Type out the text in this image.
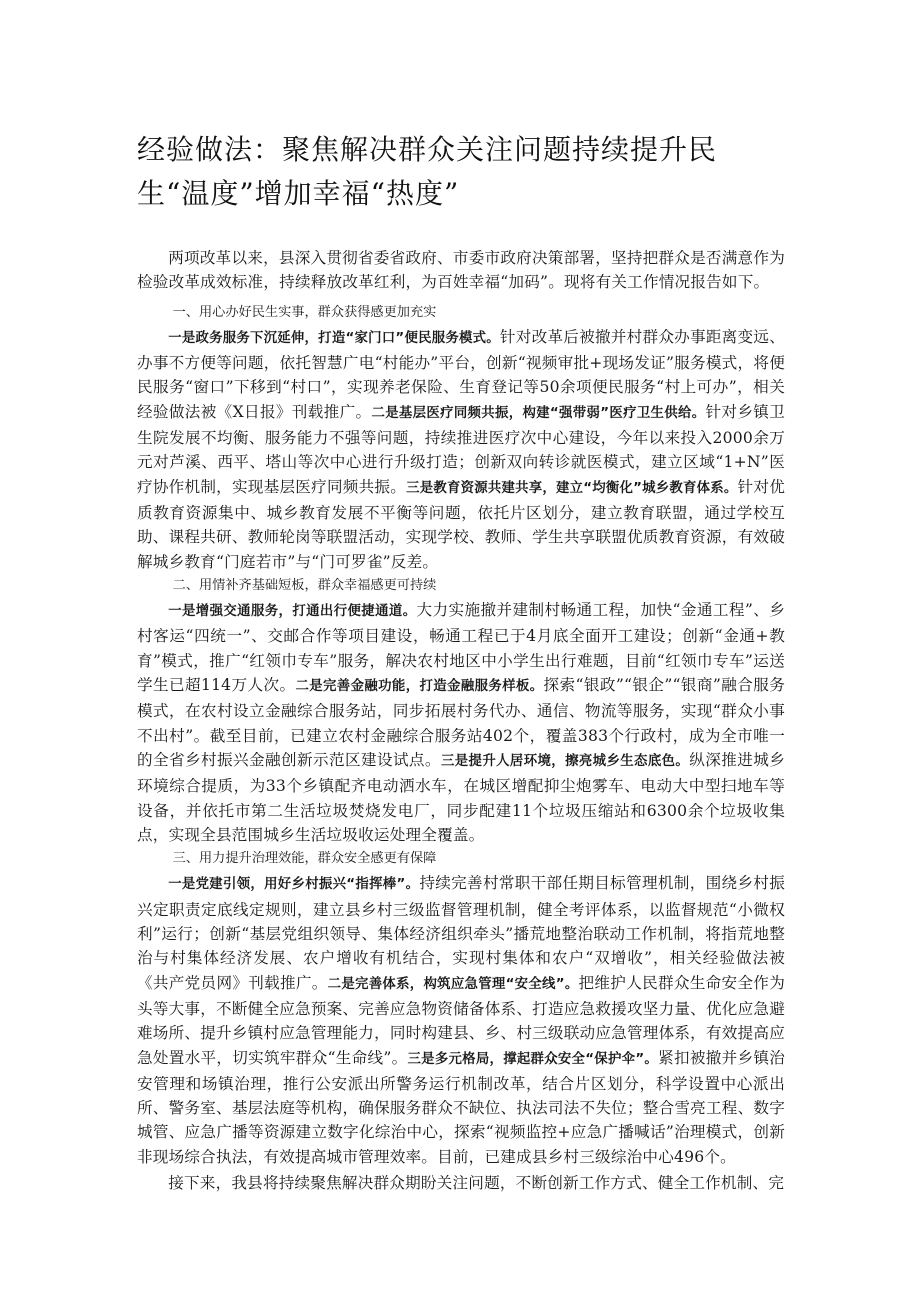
经验做法：聚焦解决群众关注问题持续提升民生“温度”增加幸福“热度”

两项改革以来，县深入贯彻省委省政府、市委市政府决策部署，坚持把群众是否满意作为检验改革成效标准，持续释放改革红利，为百姓幸福“加码”。现将有关工作情况报告如下。

一、用心办好民生实事，群众获得感更加充实

一是政务服务下沉延伸，打造“家门口”便民服务模式。针对改革后被撤并村群众办事距离变远、办事不方便等问题，依托智慧广电“村能办”平台，创新“视频审批+现场发证”服务模式，将便民服务“窗口”下移到“村口”，实现养老保险、生育登记等50余项便民服务“村上可办”，相关经验做法被《X日报》刊载推广。二是基层医疗同频共振，构建“强带弱”医疗卫生供给。针对乡镇卫生院发展不均衡、服务能力不强等问题，持续推进医疗次中心建设，今年以来投入2000余万元对芦溪、西平、塔山等次中心进行升级打造；创新双向转诊就医模式，建立区域“1+N”医疗协作机制，实现基层医疗同频共振。三是教育资源共建共享，建立“均衡化”城乡教育体系。针对优质教育资源集中、城乡教育发展不平衡等问题，依托片区划分，建立教育联盟，通过学校互助、课程共研、教师轮岗等联盟活动，实现学校、教师、学生共享联盟优质教育资源，有效破解城乡教育“门庭若市”与“门可罗雀”反差。

二、用情补齐基础短板，群众幸福感更可持续

一是增强交通服务，打通出行便捷通道。大力实施撤并建制村畅通工程，加快“金通工程”、乡村客运“四统一”、交邮合作等项目建设，畅通工程已于4月底全面开工建设；创新“金通+教育”模式，推广“红领巾专车”服务，解决农村地区中小学生出行难题，目前“红领巾专车”运送学生已超114万人次。二是完善金融功能，打造金融服务样板。探索“银政”“银企”“银商”融合服务模式，在农村设立金融综合服务站，同步拓展村务代办、通信、物流等服务，实现“群众小事不出村”。截至目前，已建立农村金融综合服务站402个，覆盖383个行政村，成为全市唯一的全省乡村振兴金融创新示范区建设试点。三是提升人居环境，擦亮城乡生态底色。纵深推进城乡环境综合提质，为33个乡镇配齐电动洒水车，在城区增配抑尘炮雾车、电动大中型扫地车等设备，并依托市第二生活垃圾焚烧发电厂，同步配建11个垃圾压缩站和6300余个垃圾收集点，实现全县范围城乡生活垃圾收运处理全覆盖。

三、用力提升治理效能，群众安全感更有保障

一是党建引领，用好乡村振兴“指挥棒”。持续完善村常职干部任期目标管理机制，围绕乡村振兴定职责定底线定规则，建立县乡村三级监督管理机制，健全考评体系，以监督规范“小微权利”运行；创新“基层党组织领导、集体经济组织牵头”播荒地整治联动工作机制，将指荒地整治与村集体经济发展、农户增收有机结合，实现村集体和农户“双增收”，相关经验做法被《共产党员网》刊载推广。二是完善体系，构筑应急管理“安全线”。把维护人民群众生命安全作为头等大事，不断健全应急预案、完善应急物资储备体系、打造应急救援攻坚力量、优化应急避难场所、提升乡镇村应急管理能力，同时构建县、乡、村三级联动应急管理体系，有效提高应急处置水平，切实筑牢群众“生命线”。三是多元格局，撑起群众安全“保护伞”。紧扣被撤并乡镇治安管理和场镇治理，推行公安派出所警务运行机制改革，结合片区划分，科学设置中心派出所、警务室、基层法庭等机构，确保服务群众不缺位、执法司法不失位；整合雪亮工程、数字城管、应急广播等资源建立数字化综治中心，探索“视频监控+应急广播喊话”治理模式，创新非现场综合执法，有效提高城市管理效率。目前，已建成县乡村三级综治中心496个。

接下来，我县将持续聚焦解决群众期盼关注问题，不断创新工作方式、健全工作机制、完
